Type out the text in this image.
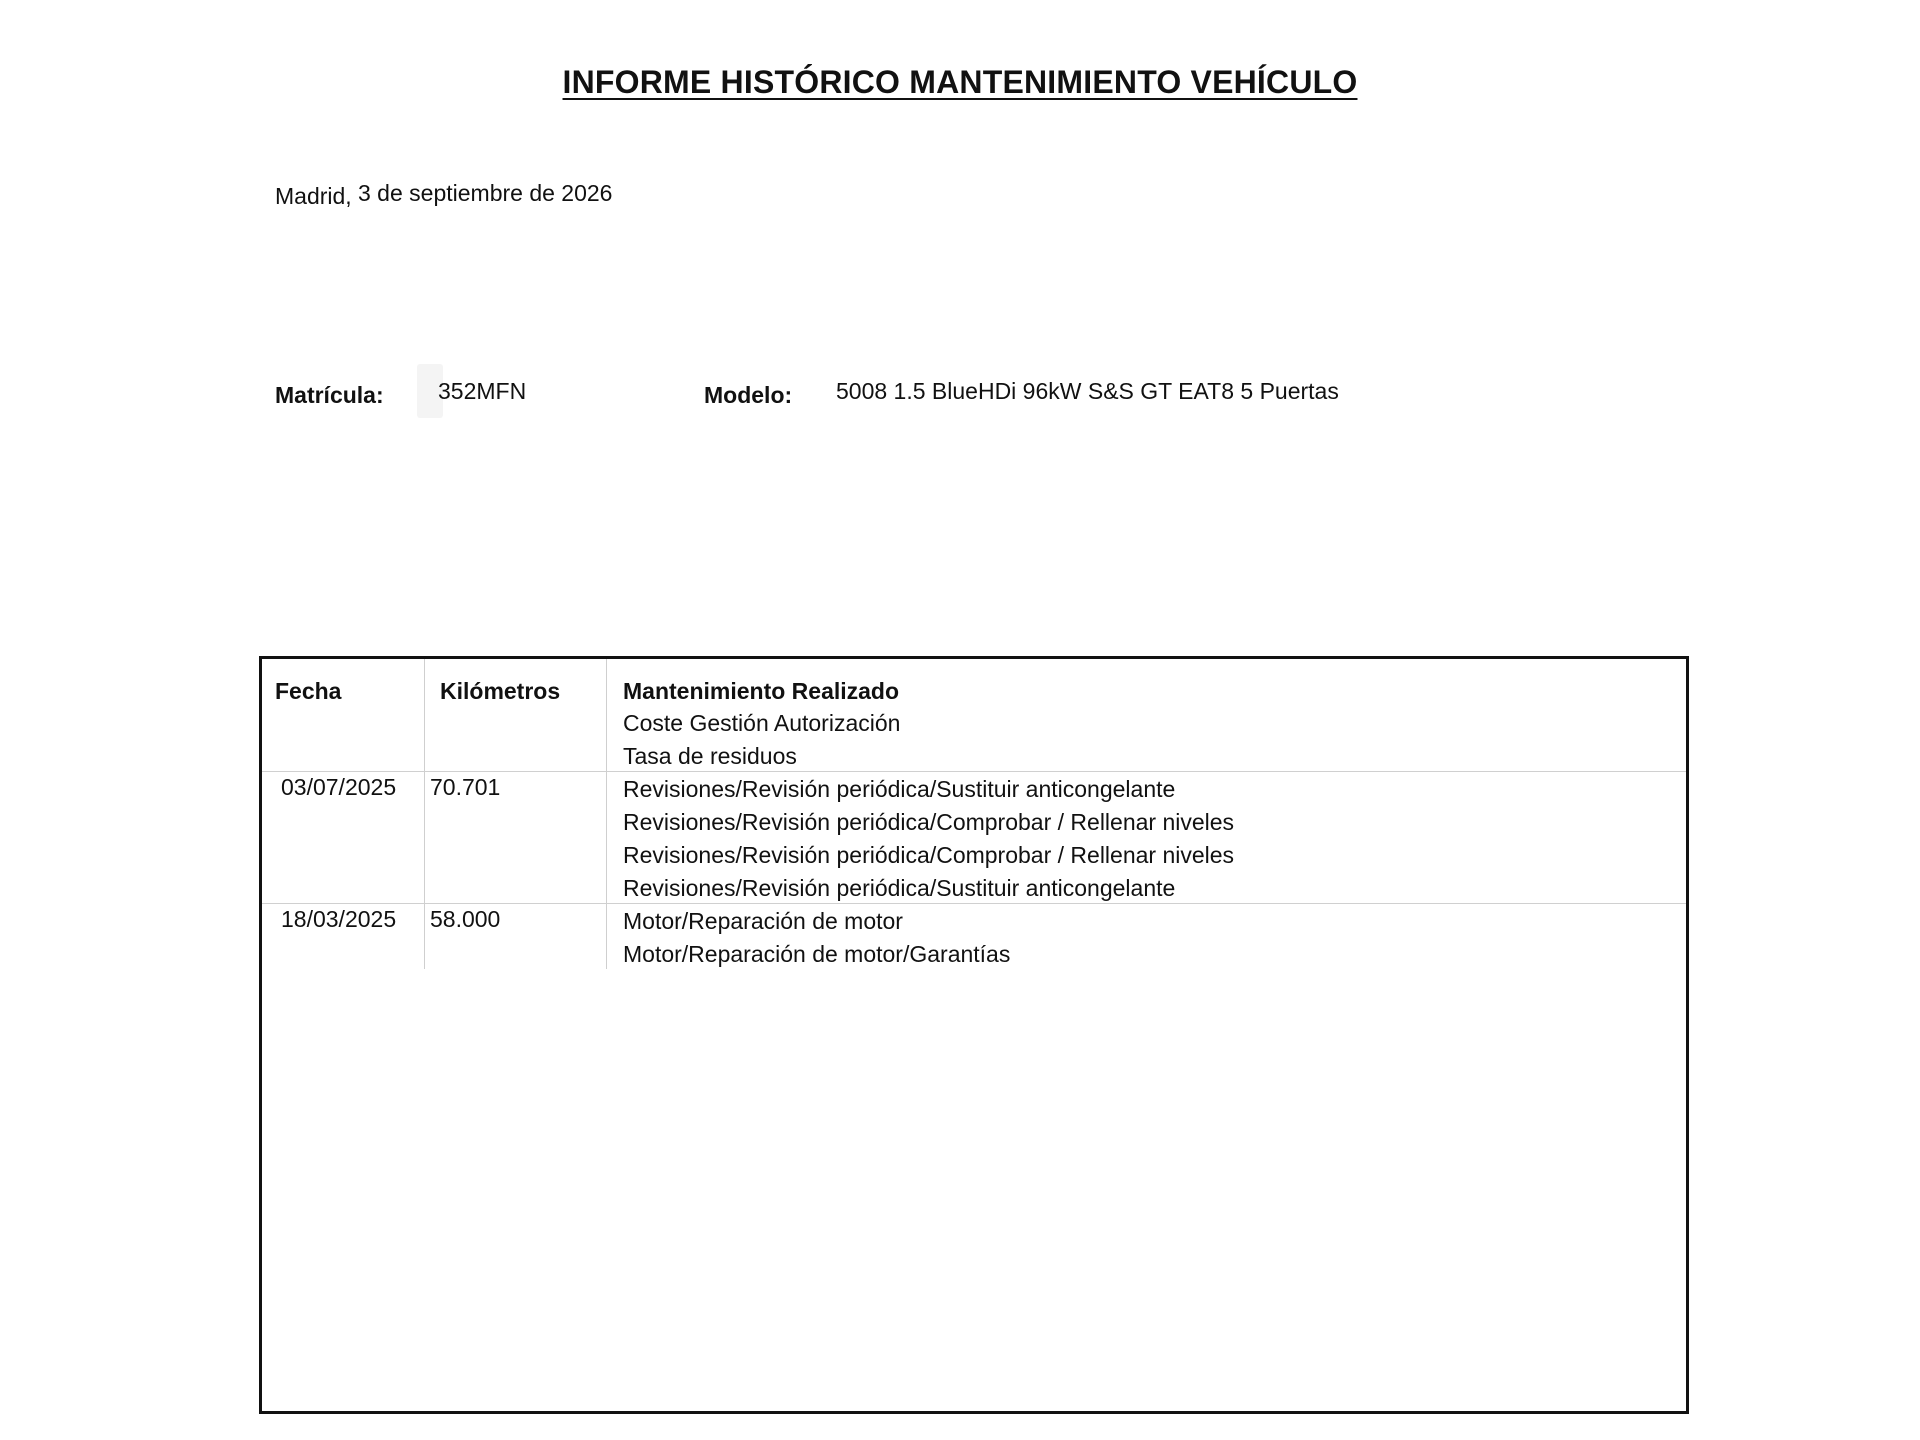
INFORME HISTÓRICO MANTENIMIENTO VEHÍCULO
Madrid, 3 de septiembre de 2026
Matrícula: 352MFN	Modelo: 5008 1.5 BlueHDi 96kW S&S GT EAT8 5 Puertas
Fecha	Kilómetros	Mantenimiento Realizado
Coste Gestión Autorización
Tasa de residuos
03/07/2025 70.701	Revisiones/Revisión periódica/Sustituir anticongelante
Revisiones/Revisión periódica/Comprobar / Rellenar niveles
Revisiones/Revisión periódica/Comprobar / Rellenar niveles
Revisiones/Revisión periódica/Sustituir anticongelante
18/03/2025 58.000	Motor/Reparación de motor
Motor/Reparación de motor/Garantías
